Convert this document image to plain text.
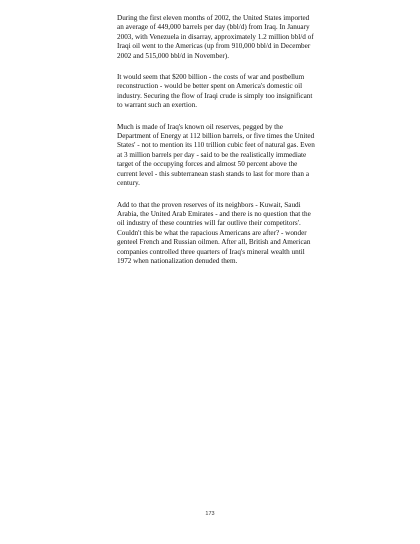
During the first eleven months of 2002, the United States imported an average of 449,000 barrels per day (bbl/d) from Iraq. In January 2003, with Venezuela in disarray, approximately 1.2 million bbl/d of Iraqi oil went to the Americas (up from 910,000 bbl/d in December 2002 and 515,000 bbl/d in November).

It would seem that $200 billion - the costs of war and postbellum reconstruction - would be better spent on America's domestic oil industry. Securing the flow of Iraqi crude is simply too insignificant to warrant such an exertion.

Much is made of Iraq's known oil reserves, pegged by the Department of Energy at 112 billion barrels, or five times the United States' - not to mention its 110 trillion cubic feet of natural gas. Even at 3 million barrels per day - said to be the realistically immediate target of the occupying forces and almost 50 percent above the current level - this subterranean stash stands to last for more than a century.

Add to that the proven reserves of its neighbors - Kuwait, Saudi Arabia, the United Arab Emirates - and there is no question that the oil industry of these countries will far outlive their competitors'. Couldn't this be what the rapacious Americans are after? - wonder genteel French and Russian oilmen. After all, British and American companies controlled three quarters of Iraq's mineral wealth until 1972 when nationalization denuded them.

173
